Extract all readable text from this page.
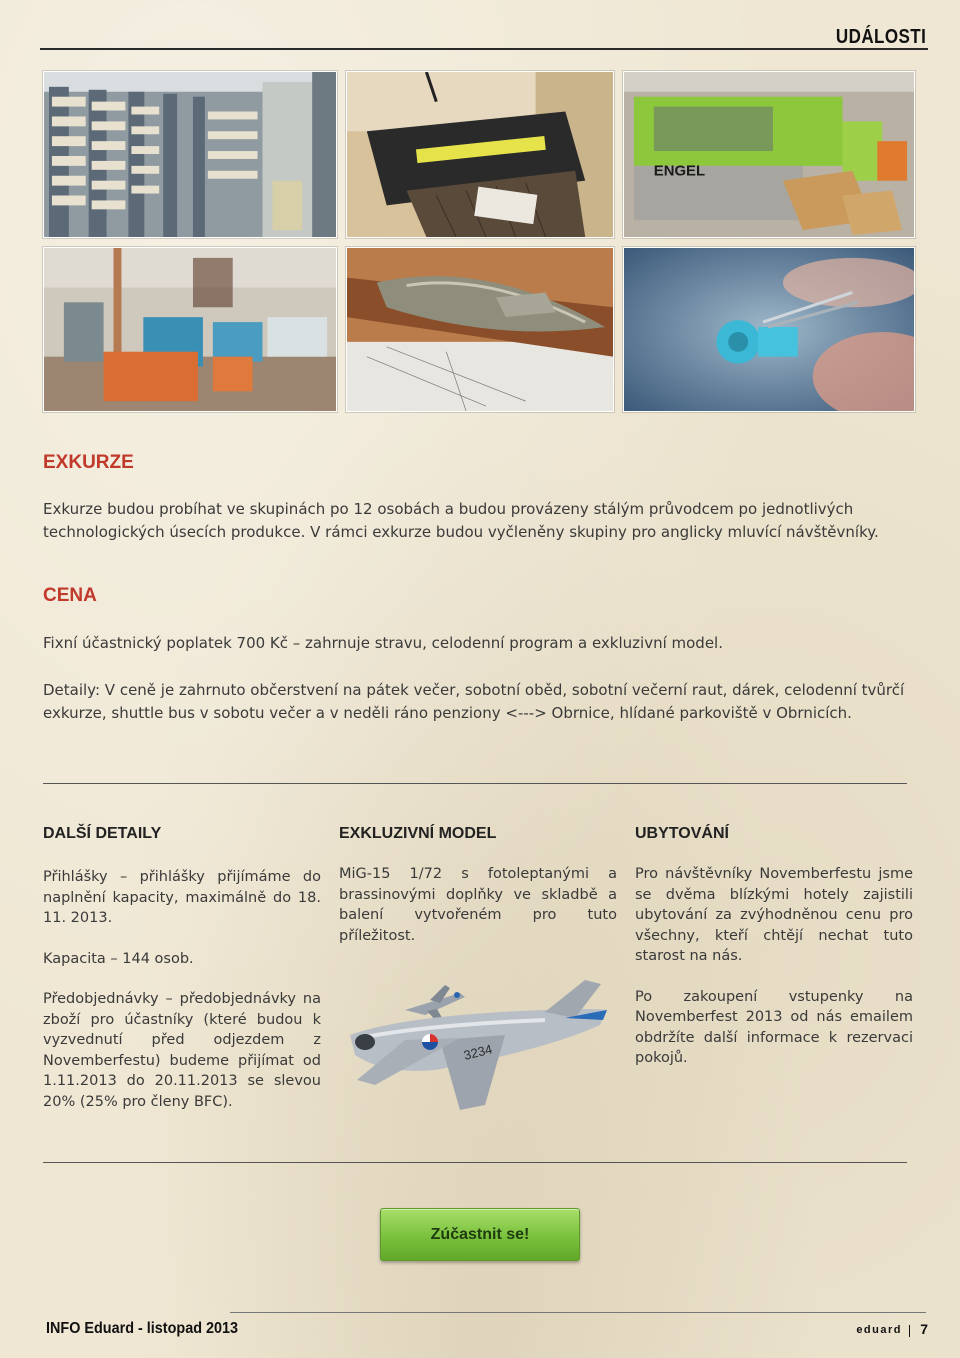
UDÁLOSTI
ENGEL
EXKURZE
Exkurze budou probíhat ve skupinách po 12 osobách a budou provázeny stálým průvodcem po jednotlivých technologických úsecích produkce. V rámci exkurze budou vyčleněny skupiny pro anglicky mluvící návštěvníky.
CENA
Fixní účastnický poplatek 700 Kč – zahrnuje stravu, celodenní program a exkluzivní model.
Detaily: V ceně je zahrnuto občerstvení na pátek večer, sobotní oběd, sobotní večerní raut, dárek, celodenní tvůrčí exkurze, shuttle bus v sobotu večer a v neděli ráno penziony <---> Obrnice, hlídané parkoviště v Obrnicích.
DALŠÍ DETAILY

Přihlášky – přihlášky přijímáme do naplnění kapacity, maximálně do 18. 11. 2013.

Kapacita – 144 osob.

Předobjednávky – předobjednávky na zboží pro účastníky (které budou k vyzvednutí před odjezdem z Novemberfestu) budeme přijímat od 1.11.2013 do 20.11.2013 se slevou 20% (25% pro členy BFC).

EXKLUZIVNÍ MODEL

MiG-15 1/72 s fotoleptanými a brassinovými doplňky ve skladbě a balení vytvořeném pro tuto příležitost.

3234
UBYTOVÁNÍ

Pro návštěvníky Novemberfestu jsme se dvěma blízkými hotely zajistili ubytování za zvýhodněnou cenu pro všechny, kteří chtějí nechat tuto starost na nás.

Po zakoupení vstupenky na Novemberfest 2013 od nás emailem obdržíte další informace k rezervaci pokojů.

Zúčastnit se!
INFO Eduard - listopad 2013	eduard 7
